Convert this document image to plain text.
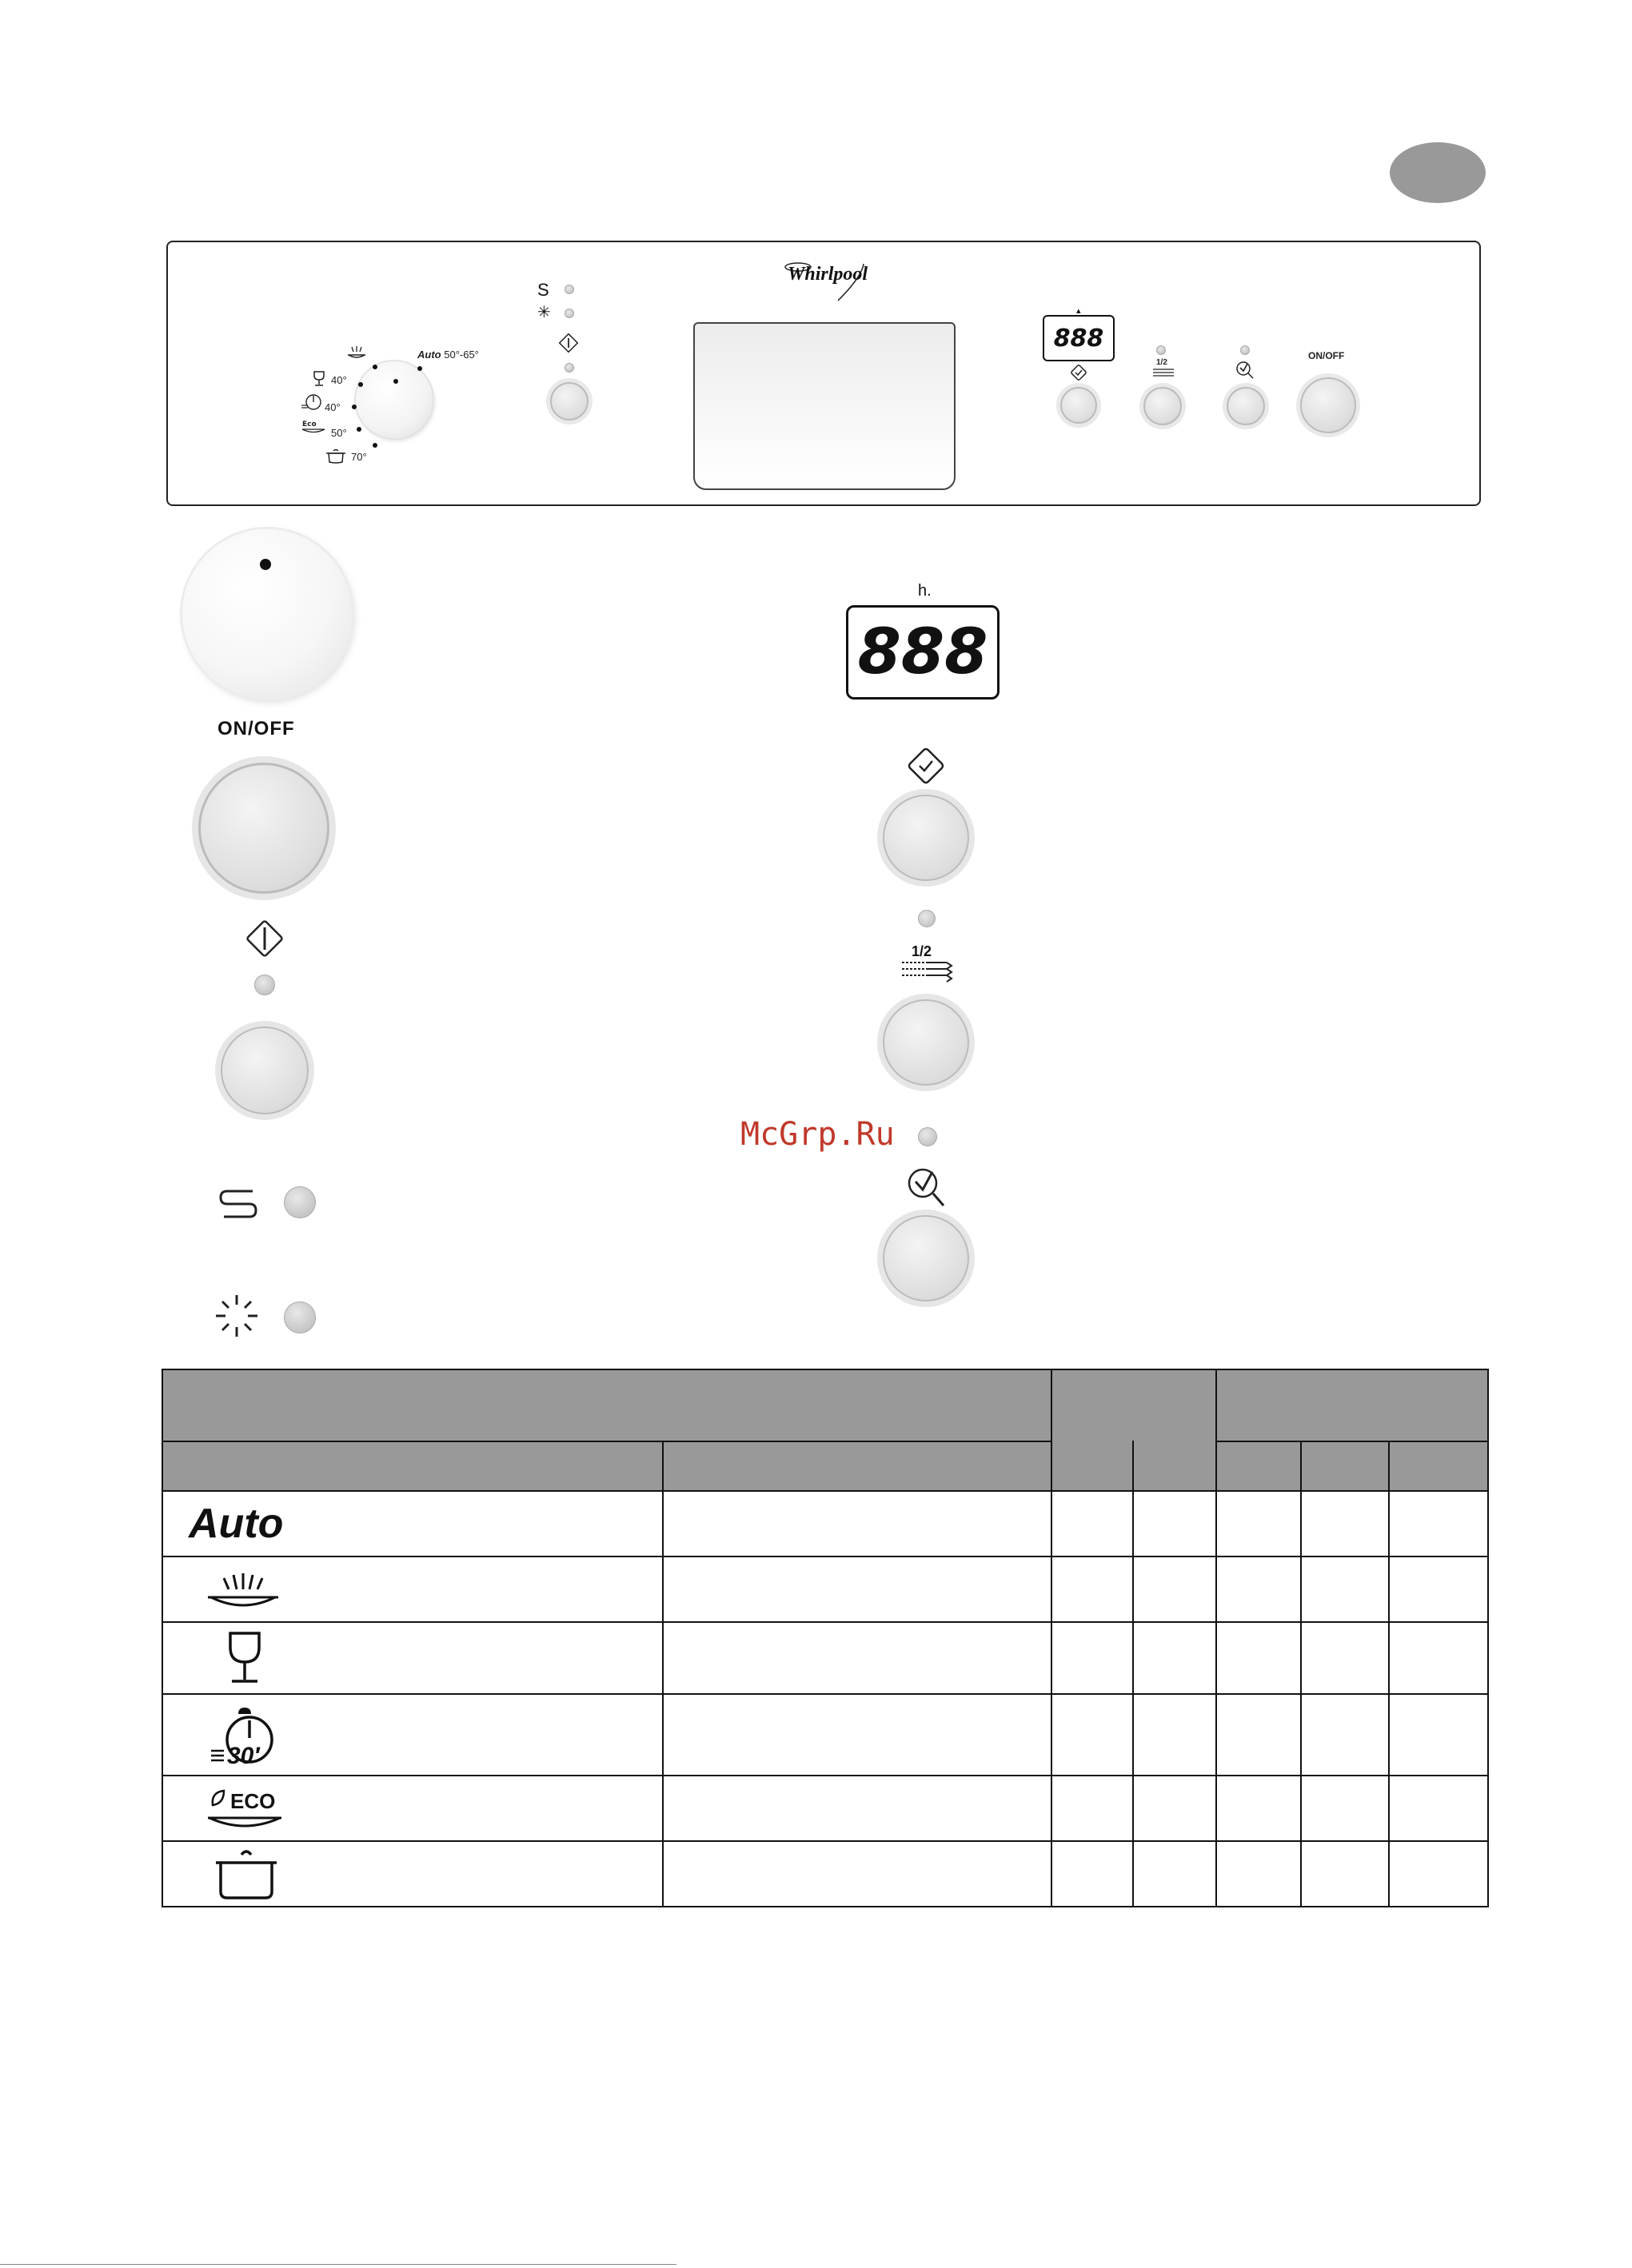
Auto 50°-65°
40°
40°
Eco
50°
70°
S
✳
Whirlpool
▴
888
1/2
ON/OFF
ON/OFF
h.
888
1/2
McGrp.Ru

Auto						

30′						

ECO						
